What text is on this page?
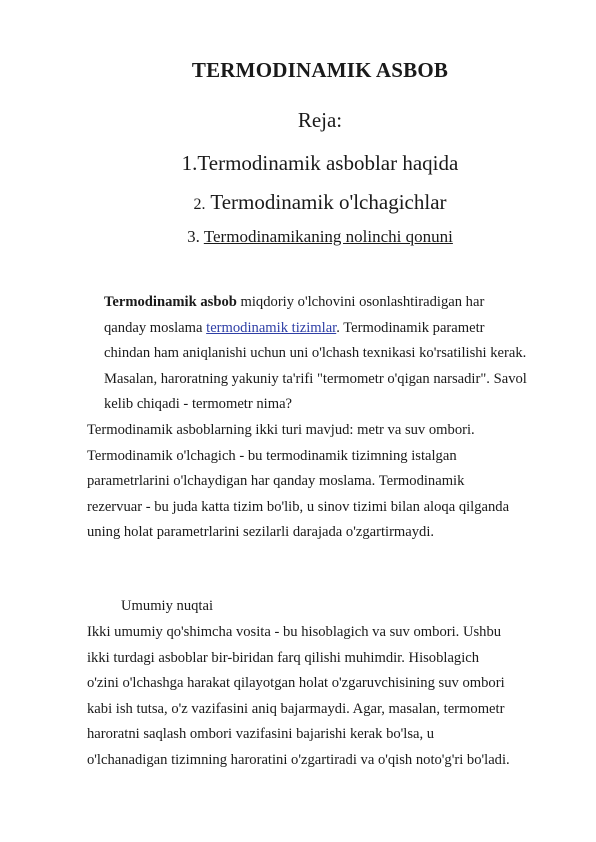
TERMODINAMIK ASBOB
Reja:
1.Termodinamik asboblar haqida
2. Termodinamik o'lchagichlar
3. Termodinamikaning nolinchi qonuni
Termodinamik asbob miqdoriy o'lchovini osonlashtiradigan har
qanday moslama termodinamik tizimlar. Termodinamik parametr
chindan ham aniqlanishi uchun uni o'lchash texnikasi ko'rsatilishi kerak.
Masalan, haroratning yakuniy ta'rifi "termometr o'qigan narsadir". Savol
kelib chiqadi - termometr nima?
Termodinamik asboblarning ikki turi mavjud: metr va suv ombori.
Termodinamik o'lchagich - bu termodinamik tizimning istalgan
parametrlarini o'lchaydigan har qanday moslama. Termodinamik
rezervuar - bu juda katta tizim bo'lib, u sinov tizimi bilan aloqa qilganda
uning holat parametrlarini sezilarli darajada o'zgartirmaydi.
Umumiy nuqtai
Ikki umumiy qo'shimcha vosita - bu hisoblagich va suv ombori. Ushbu
ikki turdagi asboblar bir-biridan farq qilishi muhimdir. Hisoblagich
o'zini o'lchashga harakat qilayotgan holat o'zgaruvchisining suv ombori
kabi ish tutsa, o'z vazifasini aniq bajarmaydi. Agar, masalan, termometr
haroratni saqlash ombori vazifasini bajarishi kerak bo'lsa, u
o'lchanadigan tizimning haroratini o'zgartiradi va o'qish noto'g'ri bo'ladi.
